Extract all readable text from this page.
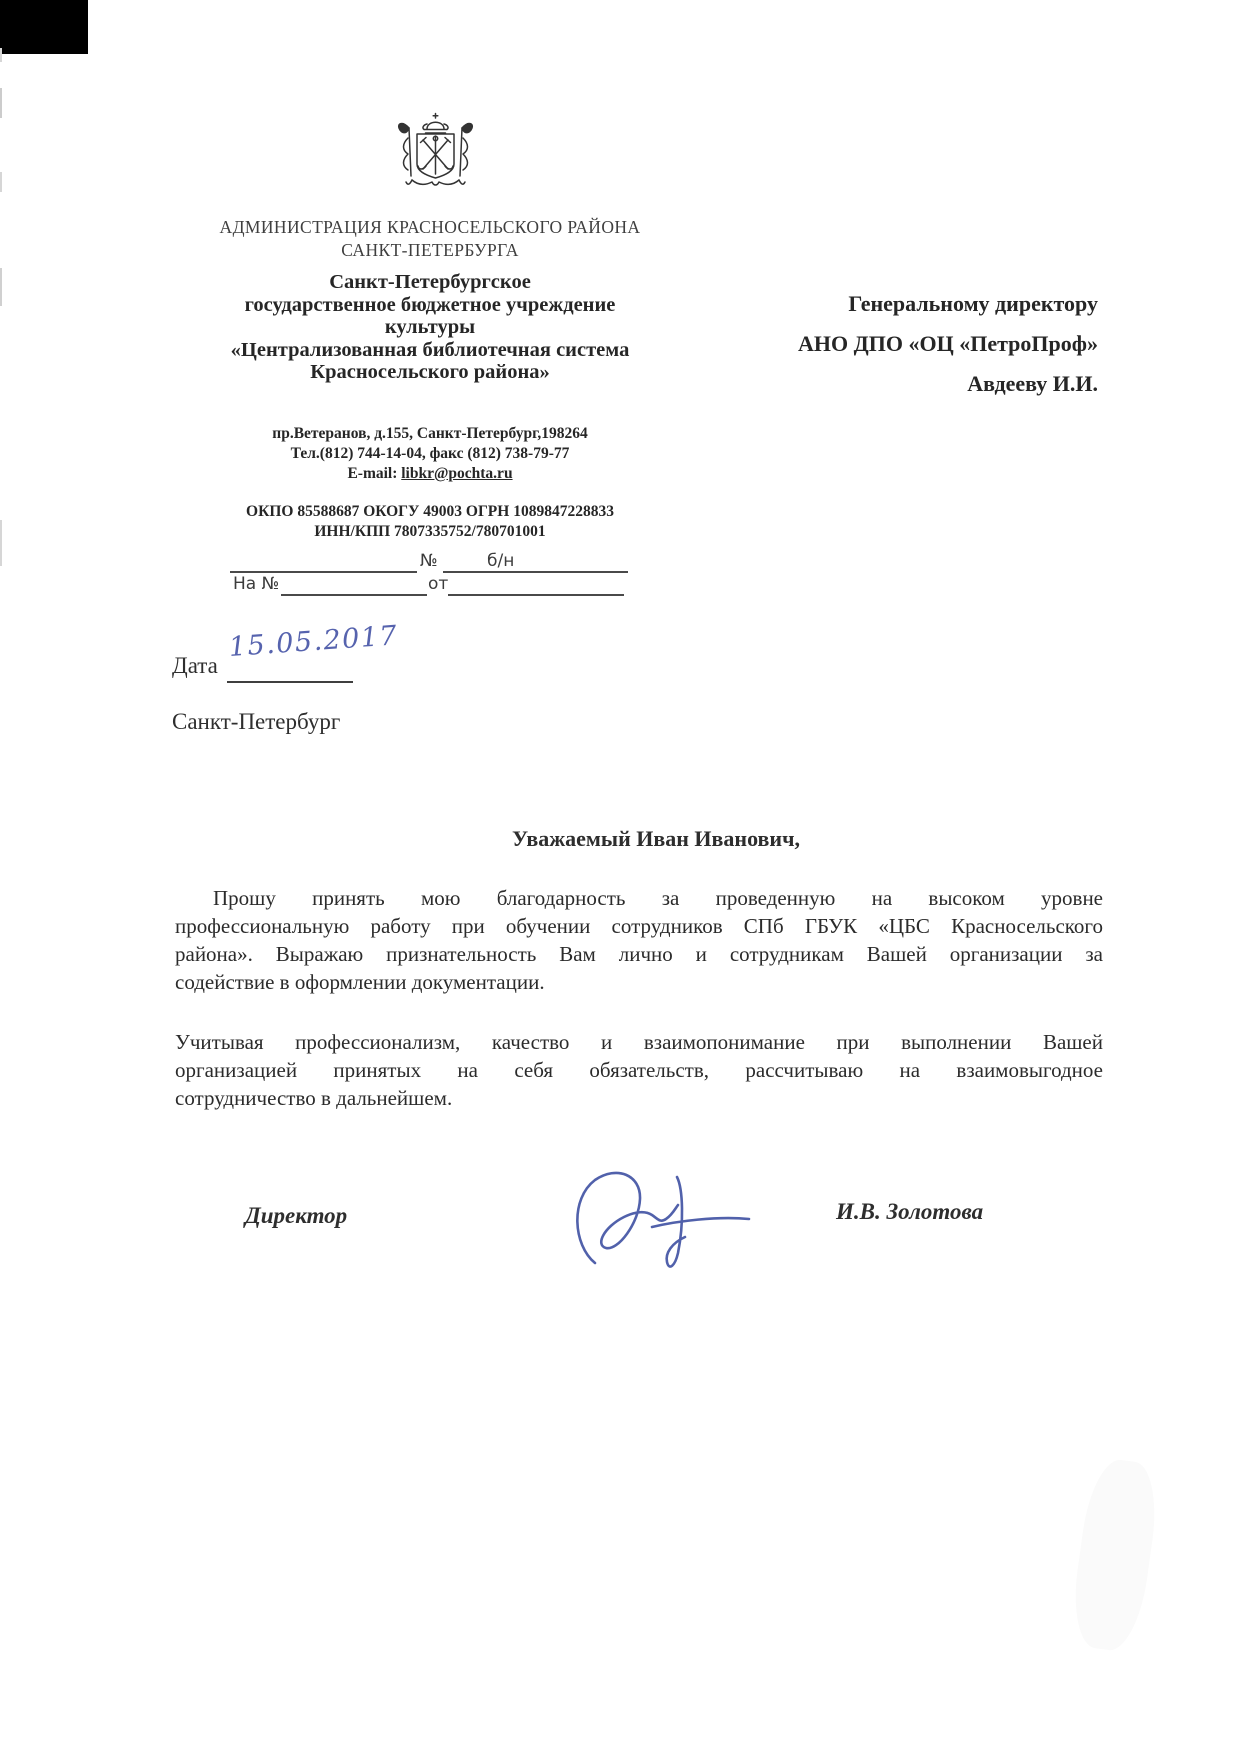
АДМИНИСТРАЦИЯ КРАСНОСЕЛЬСКОГО РАЙОНА
САНКТ-ПЕТЕРБУРГА
Санкт-Петербургское
государственное бюджетное учреждение
культуры
«Централизованная библиотечная система
Красносельского района»
Генеральному директору
АНО ДПО «ОЦ «ПетроПроф»
Авдееву И.И.
пр.Ветеранов, д.155, Санкт-Петербург,198264
Тел.(812) 744-14-04, факс (812) 738-79-77
E-mail: libkr@pochta.ru
ОКПО 85588687 ОКОГУ 49003 ОГРН 1089847228833
ИНН/КПП 7807335752/780701001
№	б/н
На №	от
Дата
15.05.2017
Санкт-Петербург
Уважаемый Иван Иванович,
Прошу принять мою благодарность за проведенную на высоком уровне
профессиональную работу при обучении сотрудников СПб ГБУК «ЦБС Красносельского
района». Выражаю признательность Вам лично и сотрудникам Вашей организации за
содействие в оформлении документации.
Учитывая профессионализм, качество и взаимопонимание при выполнении Вашей
организацией принятых на себя обязательств, рассчитываю на взаимовыгодное
сотрудничество в дальнейшем.
Директор	И.В. Золотова
